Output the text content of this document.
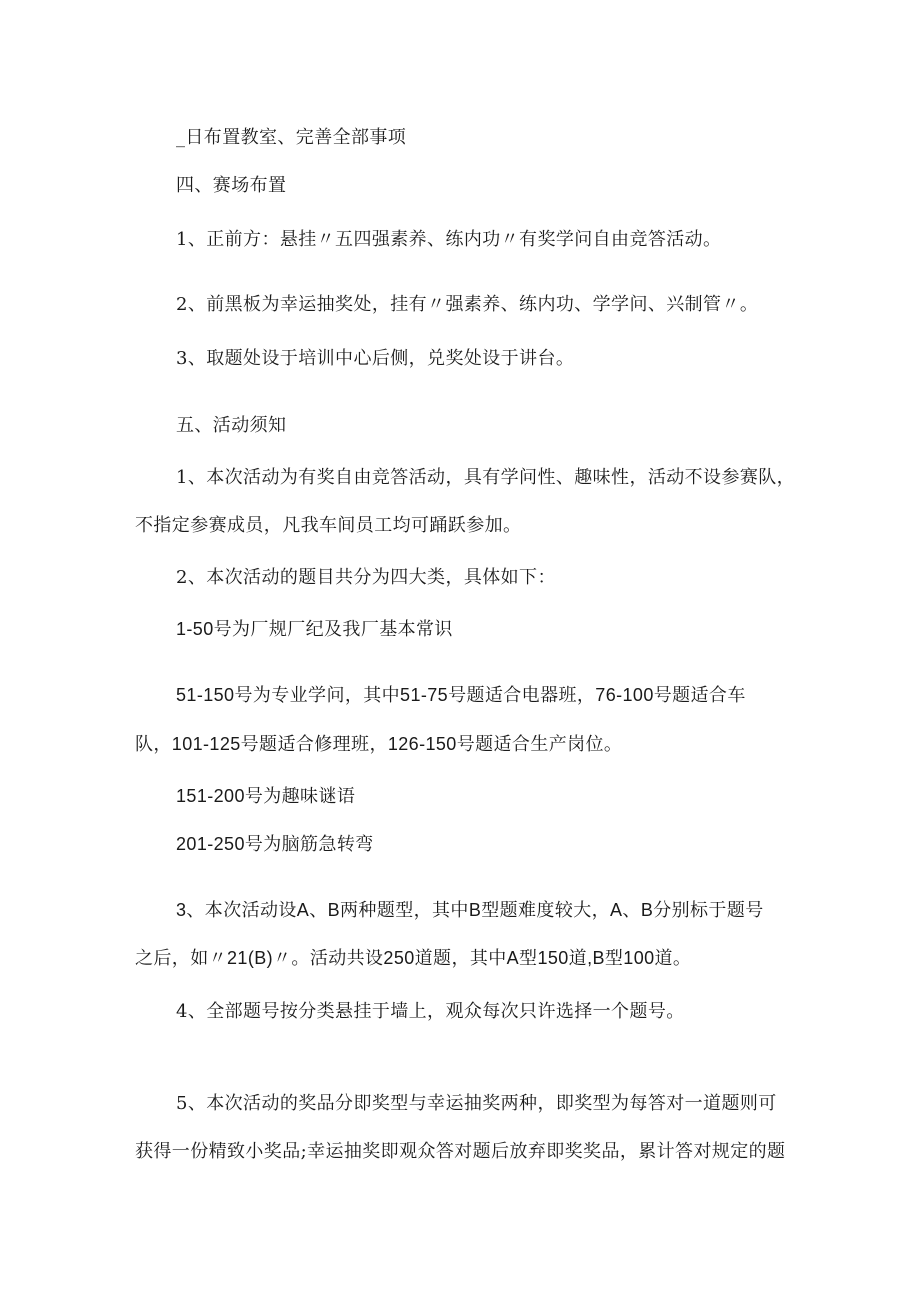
_日布置教室、完善全部事项
四、赛场布置
1、正前方：悬挂〃五四强素养、练内功〃有奖学问自由竞答活动。
2、前黑板为幸运抽奖处，挂有〃强素养、练内功、学学问、兴制管〃。
3、取题处设于培训中心后侧，兑奖处设于讲台。
五、活动须知
1、本次活动为有奖自由竞答活动，具有学问性、趣味性，活动不设参赛队，
不指定参赛成员，凡我车间员工均可踊跃参加。
2、本次活动的题目共分为四大类，具体如下：
1-50号为厂规厂纪及我厂基本常识
51-150号为专业学问，其中51-75号题适合电器班，76-100号题适合车
队，101-125号题适合修理班，126-150号题适合生产岗位。
151-200号为趣味谜语
201-250号为脑筋急转弯
3、本次活动设A、B两种题型，其中B型题难度较大，A、B分别标于题号
之后，如〃21(B)〃。活动共设250道题，其中A型150道,B型100道。
4、全部题号按分类悬挂于墙上，观众每次只许选择一个题号。
5、本次活动的奖品分即奖型与幸运抽奖两种，即奖型为每答对一道题则可
获得一份精致小奖品;幸运抽奖即观众答对题后放弃即奖奖品，累计答对规定的题
